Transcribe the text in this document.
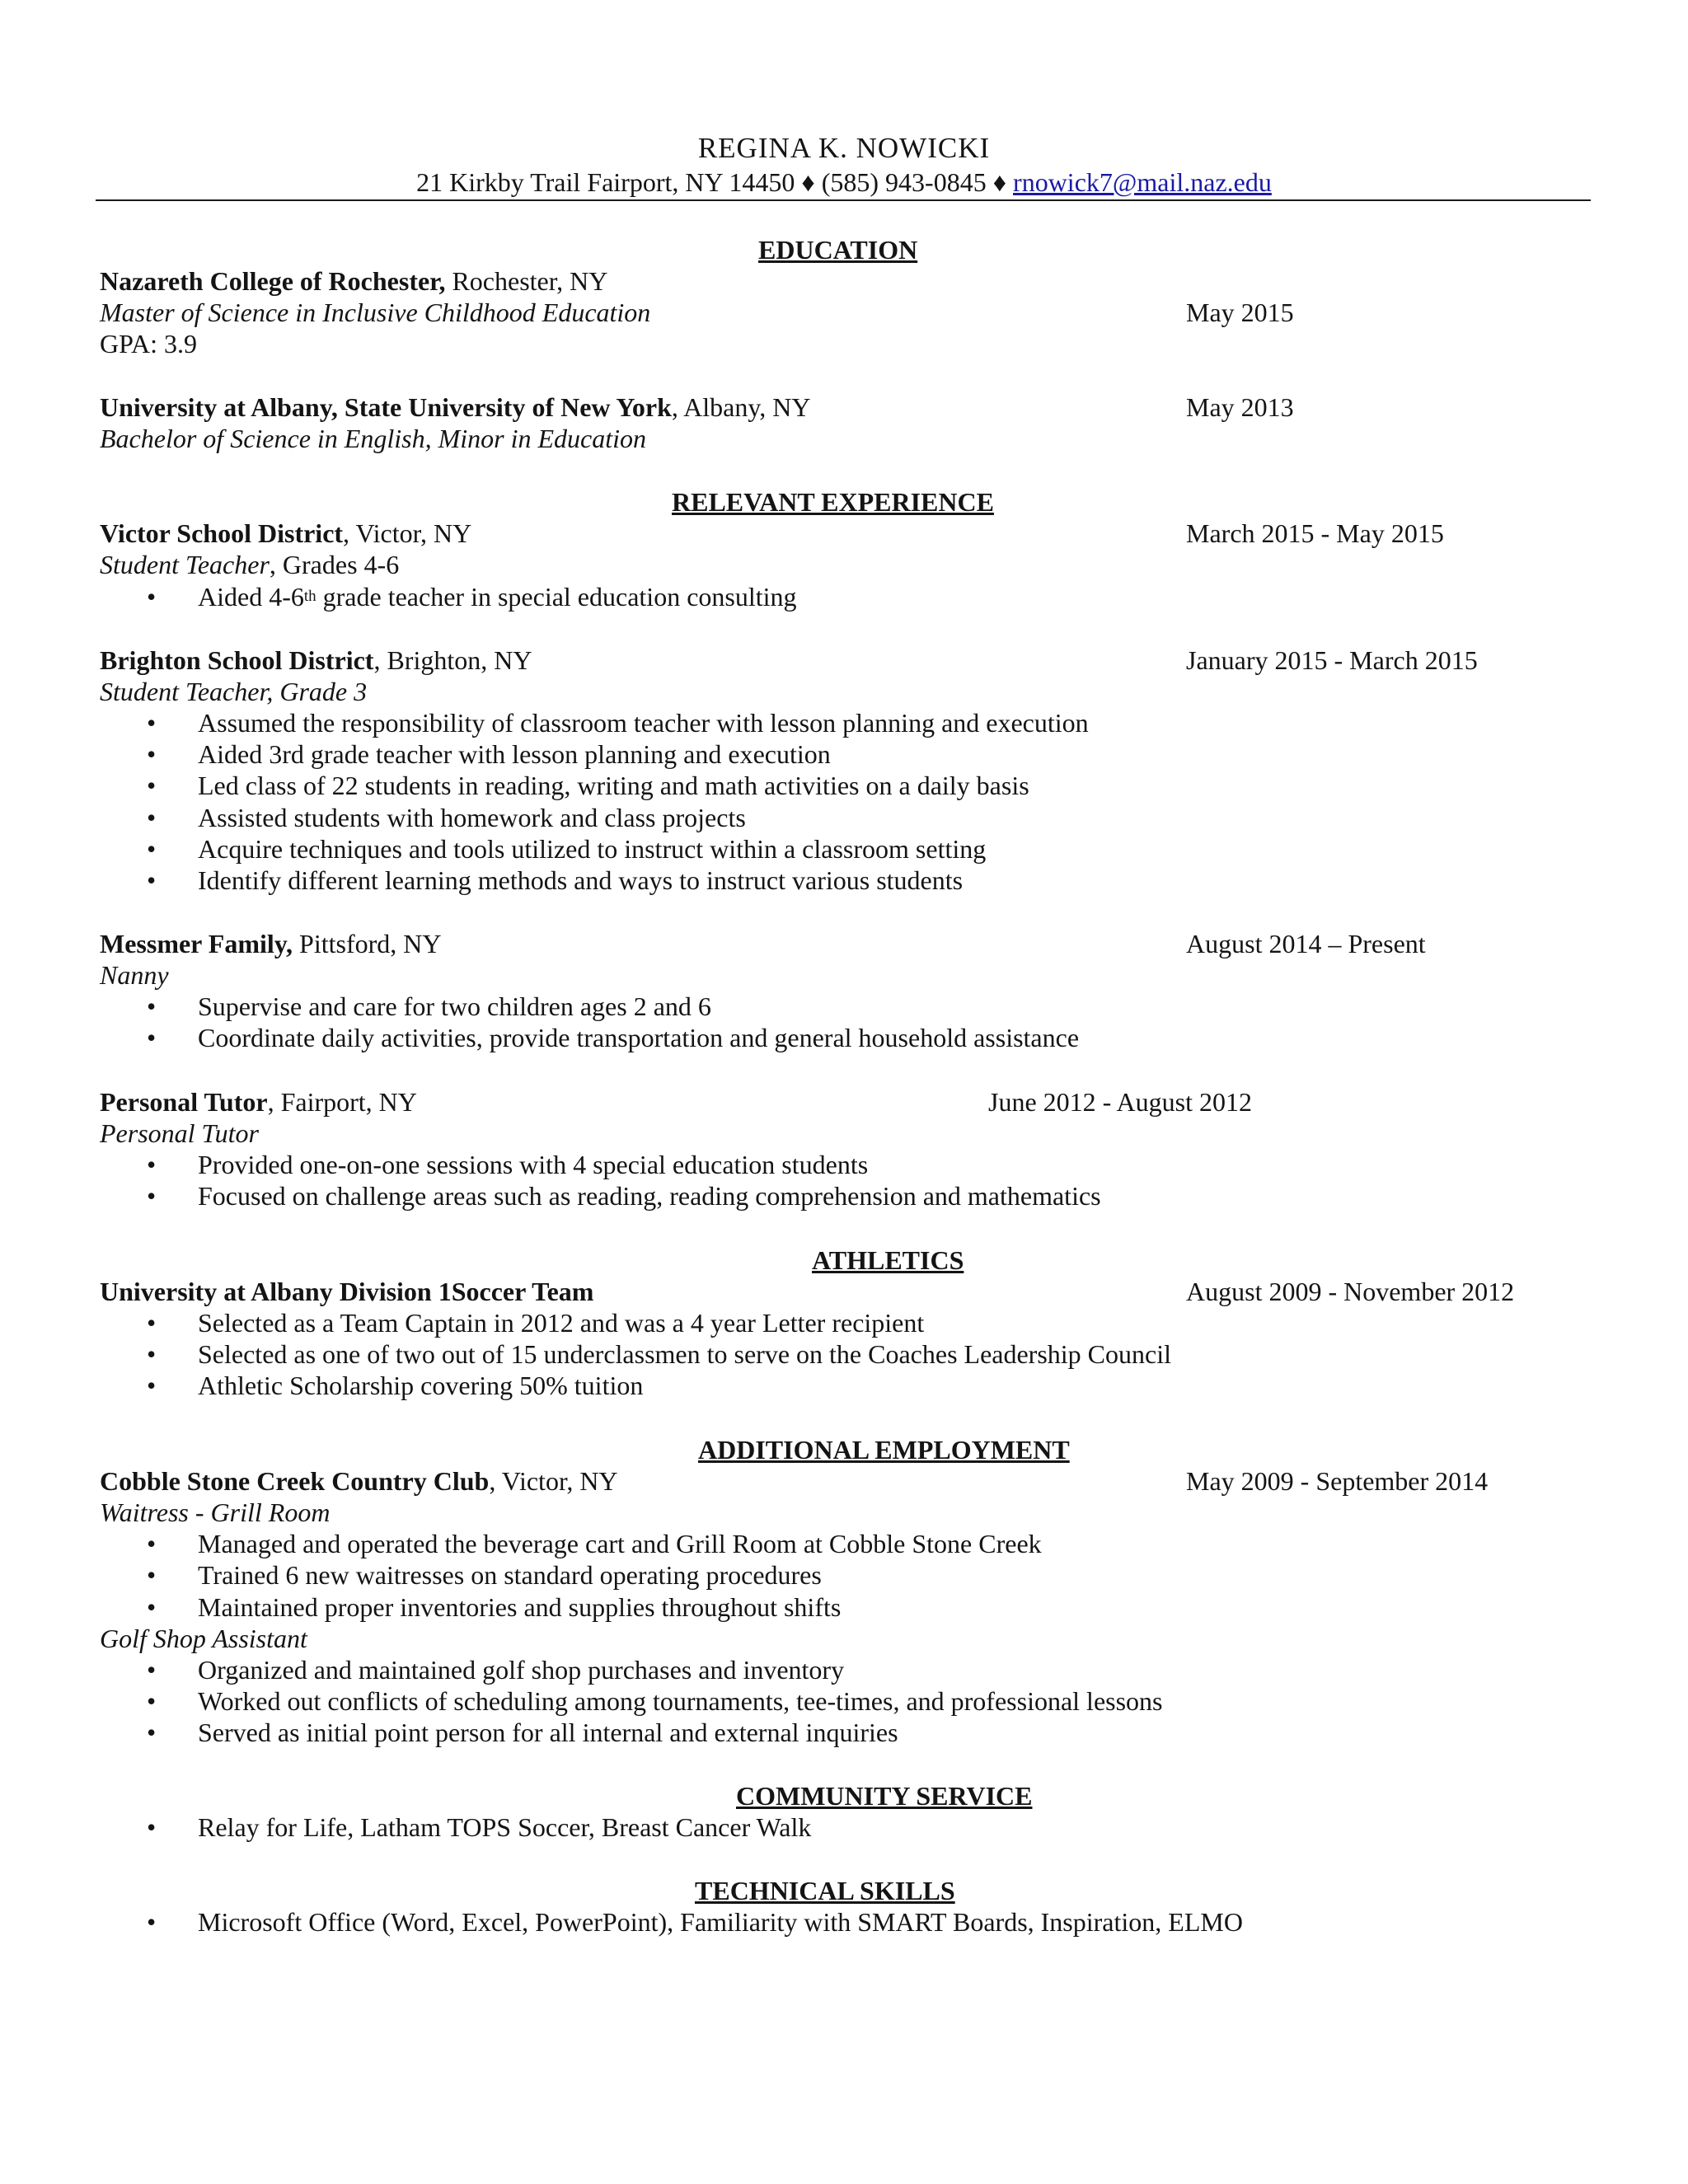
REGINA K. NOWICKI
21 Kirkby Trail Fairport, NY 14450 ♦ (585) 943-0845 ♦ rnowick7@mail.naz.edu
EDUCATION
Nazareth College of Rochester, Rochester, NY
Master of Science in Inclusive Childhood Education	May 2015
GPA: 3.9
University at Albany, State University of New York, Albany, NY	May 2013
Bachelor of Science in English, Minor in Education
RELEVANT EXPERIENCE
Victor School District, Victor, NY	March 2015 - May 2015
Student Teacher, Grades 4-6
• Aided 4-6th grade teacher in special education consulting
Brighton School District, Brighton, NY	January 2015 - March 2015
Student Teacher, Grade 3
• Assumed the responsibility of classroom teacher with lesson planning and execution
• Aided 3rd grade teacher with lesson planning and execution
• Led class of 22 students in reading, writing and math activities on a daily basis
• Assisted students with homework and class projects
• Acquire techniques and tools utilized to instruct within a classroom setting
• Identify different learning methods and ways to instruct various students
Messmer Family, Pittsford, NY	August 2014 – Present
Nanny
• Supervise and care for two children ages 2 and 6
• Coordinate daily activities, provide transportation and general household assistance
Personal Tutor, Fairport, NY	June 2012 - August 2012
Personal Tutor
• Provided one-on-one sessions with 4 special education students
• Focused on challenge areas such as reading, reading comprehension and mathematics
ATHLETICS
University at Albany Division 1Soccer Team	August 2009 - November 2012
• Selected as a Team Captain in 2012 and was a 4 year Letter recipient
• Selected as one of two out of 15 underclassmen to serve on the Coaches Leadership Council
• Athletic Scholarship covering 50% tuition
ADDITIONAL EMPLOYMENT
Cobble Stone Creek Country Club, Victor, NY	May 2009 - September 2014
Waitress - Grill Room
• Managed and operated the beverage cart and Grill Room at Cobble Stone Creek
• Trained 6 new waitresses on standard operating procedures
• Maintained proper inventories and supplies throughout shifts
Golf Shop Assistant
• Organized and maintained golf shop purchases and inventory
• Worked out conflicts of scheduling among tournaments, tee-times, and professional lessons
• Served as initial point person for all internal and external inquiries
COMMUNITY SERVICE
• Relay for Life, Latham TOPS Soccer, Breast Cancer Walk
TECHNICAL SKILLS
• Microsoft Office (Word, Excel, PowerPoint), Familiarity with SMART Boards, Inspiration, ELMO
